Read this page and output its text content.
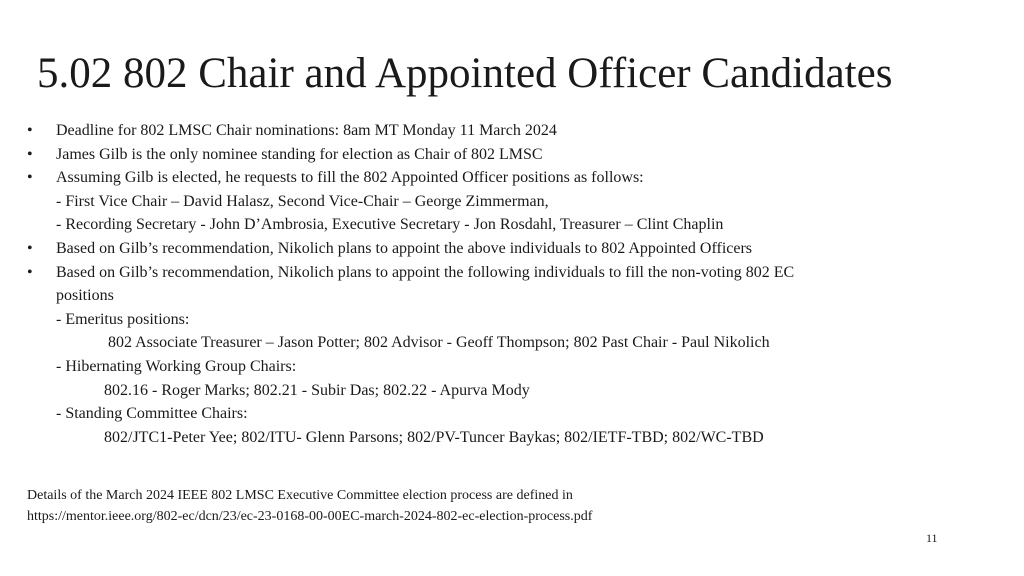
5.02 802 Chair and Appointed Officer Candidates
• Deadline for 802 LMSC Chair nominations: 8am MT Monday 11 March 2024
• James Gilb is the only nominee standing for election as Chair of 802 LMSC
• Assuming Gilb is elected, he requests to fill the 802 Appointed Officer positions as follows:
- First Vice Chair – David Halasz, Second Vice-Chair – George Zimmerman,
- Recording Secretary - John D’Ambrosia, Executive Secretary - Jon Rosdahl, Treasurer – Clint Chaplin
• Based on Gilb’s recommendation, Nikolich plans to appoint the above individuals to 802 Appointed Officers
• Based on Gilb’s recommendation, Nikolich plans to appoint the following individuals to fill the non-voting 802 EC
positions
- Emeritus positions:
802 Associate Treasurer – Jason Potter; 802 Advisor - Geoff Thompson; 802 Past Chair - Paul Nikolich
- Hibernating Working Group Chairs:
802.16 - Roger Marks; 802.21 - Subir Das; 802.22 - Apurva Mody
- Standing Committee Chairs:
802/JTC1-Peter Yee; 802/ITU- Glenn Parsons; 802/PV-Tuncer Baykas; 802/IETF-TBD; 802/WC-TBD
Details of the March 2024 IEEE 802 LMSC Executive Committee election process are defined in
https://mentor.ieee.org/802-ec/dcn/23/ec-23-0168-00-00EC-march-2024-802-ec-election-process.pdf
11
